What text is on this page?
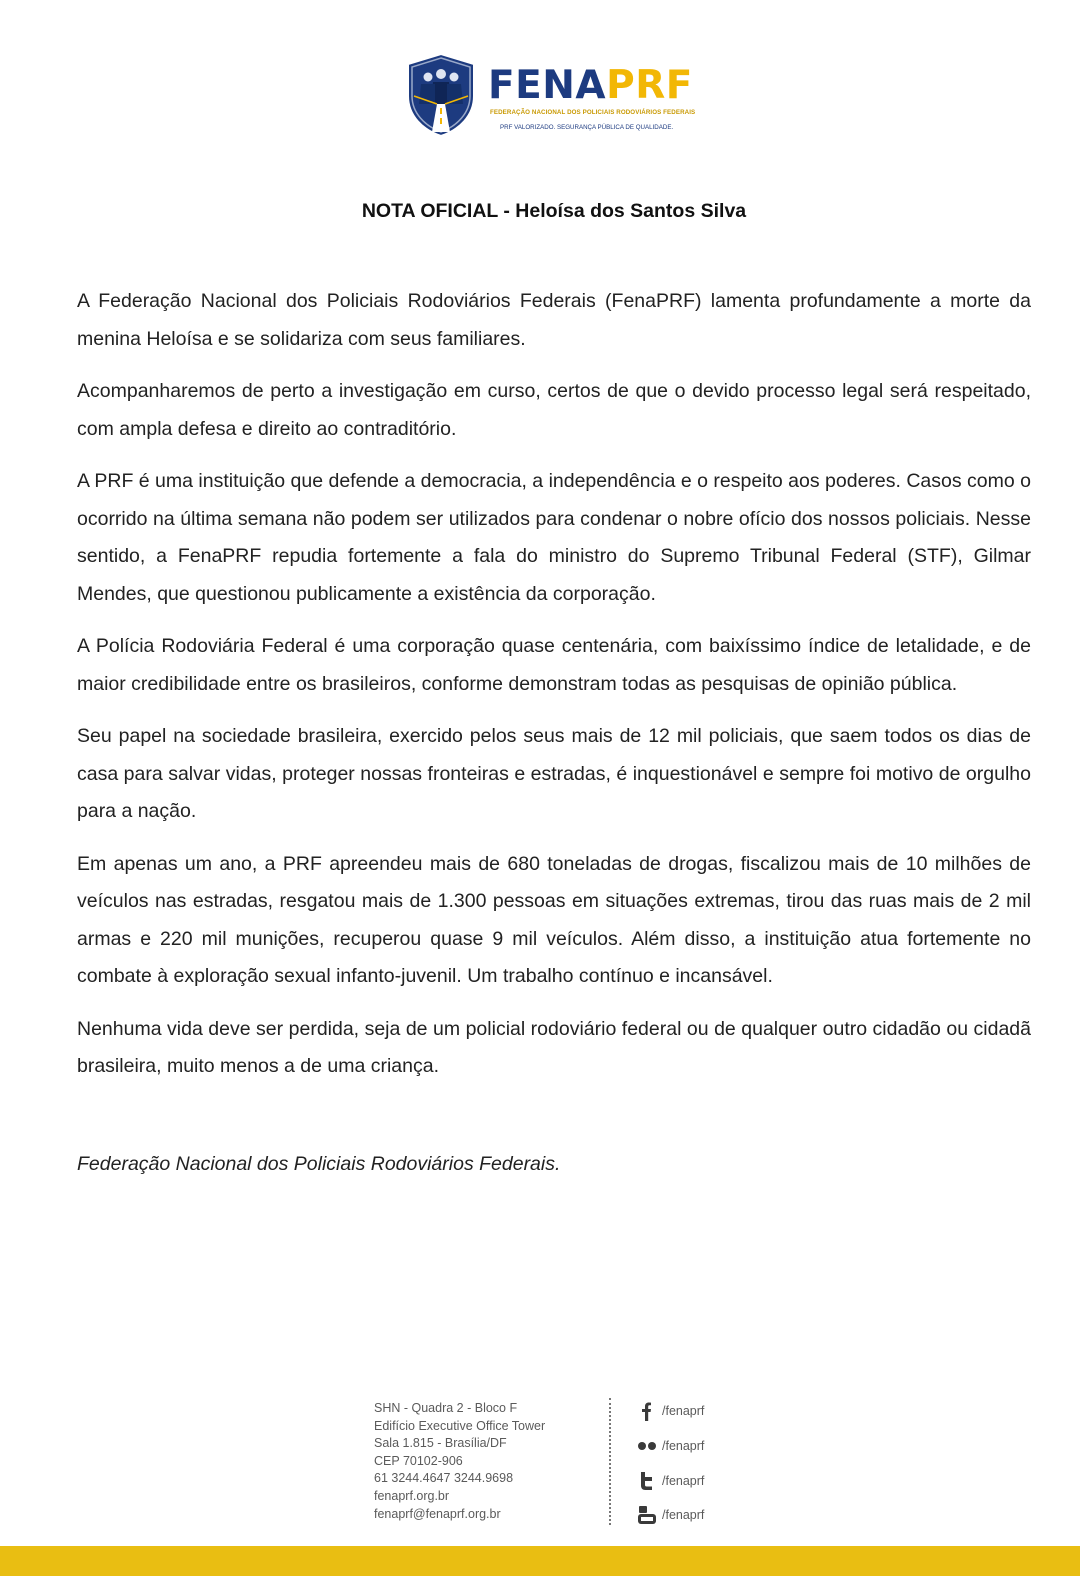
FENAPRF
FEDERAÇÃO NACIONAL DOS POLICIAIS RODOVIÁRIOS FEDERAIS
PRF VALORIZADO. SEGURANÇA PÚBLICA DE QUALIDADE.
NOTA OFICIAL - Heloísa dos Santos Silva

A Federação Nacional dos Policiais Rodoviários Federais (FenaPRF) lamenta profundamente a morte da menina Heloísa e se solidariza com seus familiares.

Acompanharemos de perto a investigação em curso, certos de que o devido processo legal será respeitado, com ampla defesa e direito ao contraditório.

A PRF é uma instituição que defende a democracia, a independência e o respeito aos poderes. Casos como o ocorrido na última semana não podem ser utilizados para condenar o nobre ofício dos nossos policiais. Nesse sentido, a FenaPRF repudia fortemente a fala do ministro do Supremo Tribunal Federal (STF), Gilmar Mendes, que questionou publicamente a existência da corporação.

A Polícia Rodoviária Federal é uma corporação quase centenária, com baixíssimo índice de letalidade, e de maior credibilidade entre os brasileiros, conforme demonstram todas as pesquisas de opinião pública.

Seu papel na sociedade brasileira, exercido pelos seus mais de 12 mil policiais, que saem todos os dias de casa para salvar vidas, proteger nossas fronteiras e estradas, é inquestionável e sempre foi motivo de orgulho para a nação.

Em apenas um ano, a PRF apreendeu mais de 680 toneladas de drogas, fiscalizou mais de 10 milhões de veículos nas estradas, resgatou mais de 1.300 pessoas em situações extremas, tirou das ruas mais de 2 mil armas e 220 mil munições, recuperou quase 9 mil veículos. Além disso, a instituição atua fortemente no combate à exploração sexual infanto-juvenil. Um trabalho contínuo e incansável.

Nenhuma vida deve ser perdida, seja de um policial rodoviário federal ou de qualquer outro cidadão ou cidadã brasileira, muito menos a de uma criança.

Federação Nacional dos Policiais Rodoviários Federais.
SHN - Quadra 2 - Bloco F
Edifício Executive Office Tower
Sala 1.815 - Brasília/DF
CEP 70102-906
61 3244.4647 3244.9698
fenaprf.org.br
fenaprf@fenaprf.org.br
/fenaprf
/fenaprf
/fenaprf
/fenaprf
